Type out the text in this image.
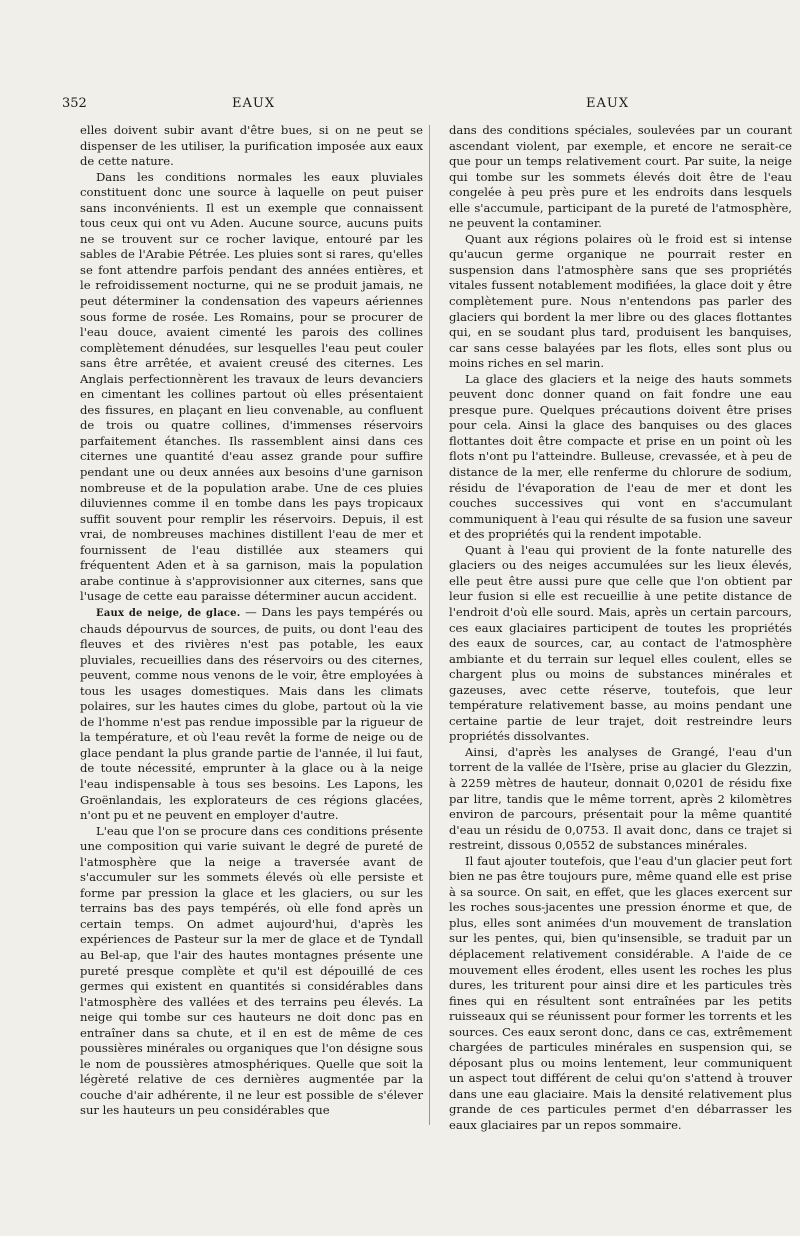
352	EAUX	EAUX

elles doivent subir avant d'être bues, si on ne peut se dispenser de les utiliser, la purification imposée aux eaux de cette nature.

Dans les conditions normales les eaux pluviales constituent donc une source à laquelle on peut puiser sans inconvénients. Il est un exemple que connaissent tous ceux qui ont vu Aden. Aucune source, aucuns puits ne se trouvent sur ce rocher lavique, entouré par les sables de l'Arabie Pétrée. Les pluies sont si rares, qu'elles se font attendre parfois pendant des années entières, et le refroidissement nocturne, qui ne se produit jamais, ne peut déterminer la condensation des vapeurs aériennes sous forme de rosée. Les Romains, pour se procurer de l'eau douce, avaient cimenté les parois des collines complètement dénudées, sur lesquelles l'eau peut couler sans être arrêtée, et avaient creusé des citernes. Les Anglais perfectionnèrent les travaux de leurs devanciers en cimentant les collines partout où elles présentaient des fissures, en plaçant en lieu convenable, au confluent de trois ou quatre collines, d'immenses réservoirs parfaitement étanches. Ils rassemblent ainsi dans ces citernes une quantité d'eau assez grande pour suffire pendant une ou deux années aux besoins d'une garnison nombreuse et de la population arabe. Une de ces pluies diluviennes comme il en tombe dans les pays tropicaux suffit souvent pour remplir les réservoirs. Depuis, il est vrai, de nombreuses machines distillent l'eau de mer et fournissent de l'eau distillée aux steamers qui fréquentent Aden et à sa garnison, mais la population arabe continue à s'approvisionner aux citernes, sans que l'usage de cette eau paraisse déterminer aucun accident.

Eaux de neige, de glace. — Dans les pays tempérés ou chauds dépourvus de sources, de puits, ou dont l'eau des fleuves et des rivières n'est pas potable, les eaux pluviales, recueillies dans des réservoirs ou des citernes, peuvent, comme nous venons de le voir, être employées à tous les usages domestiques. Mais dans les climats polaires, sur les hautes cimes du globe, partout où la vie de l'homme n'est pas rendue impossible par la rigueur de la température, et où l'eau revêt la forme de neige ou de glace pendant la plus grande partie de l'année, il lui faut, de toute nécessité, emprunter à la glace ou à la neige l'eau indispensable à tous ses besoins. Les Lapons, les Groënlandais, les explorateurs de ces régions glacées, n'ont pu et ne peuvent en employer d'autre.

L'eau que l'on se procure dans ces conditions présente une composition qui varie suivant le degré de pureté de l'atmosphère que la neige a traversée avant de s'accumuler sur les sommets élevés où elle persiste et forme par pression la glace et les glaciers, ou sur les terrains bas des pays tempérés, où elle fond après un certain temps. On admet aujourd'hui, d'après les expériences de Pasteur sur la mer de glace et de Tyndall au Bel-ap, que l'air des hautes montagnes présente une pureté presque complète et qu'il est dépouillé de ces germes qui existent en quantités si considérables dans l'atmosphère des vallées et des terrains peu élevés. La neige qui tombe sur ces hauteurs ne doit donc pas en entraîner dans sa chute, et il en est de même de ces poussières minérales ou organiques que l'on désigne sous le nom de poussières atmosphériques. Quelle que soit la légèreté relative de ces dernières augmentée par la couche d'air adhérente, il ne leur est possible de s'élever sur les hauteurs un peu considérables que

dans des conditions spéciales, soulevées par un courant ascendant violent, par exemple, et encore ne serait-ce que pour un temps relativement court. Par suite, la neige qui tombe sur les sommets élevés doit être de l'eau congelée à peu près pure et les endroits dans lesquels elle s'accumule, participant de la pureté de l'atmosphère, ne peuvent la contaminer.

Quant aux régions polaires où le froid est si intense qu'aucun germe organique ne pourrait rester en suspension dans l'atmosphère sans que ses propriétés vitales fussent notablement modifiées, la glace doit y être complètement pure. Nous n'entendons pas parler des glaciers qui bordent la mer libre ou des glaces flottantes qui, en se soudant plus tard, produisent les banquises, car sans cesse balayées par les flots, elles sont plus ou moins riches en sel marin.

La glace des glaciers et la neige des hauts sommets peuvent donc donner quand on fait fondre une eau presque pure. Quelques précautions doivent être prises pour cela. Ainsi la glace des banquises ou des glaces flottantes doit être compacte et prise en un point où les flots n'ont pu l'atteindre. Bulleuse, crevassée, et à peu de distance de la mer, elle renferme du chlorure de sodium, résidu de l'évaporation de l'eau de mer et dont les couches successives qui vont en s'accumulant communiquent à l'eau qui résulte de sa fusion une saveur et des propriétés qui la rendent impotable.

Quant à l'eau qui provient de la fonte naturelle des glaciers ou des neiges accumulées sur les lieux élevés, elle peut être aussi pure que celle que l'on obtient par leur fusion si elle est recueillie à une petite distance de l'endroit d'où elle sourd. Mais, après un certain parcours, ces eaux glaciaires participent de toutes les propriétés des eaux de sources, car, au contact de l'atmosphère ambiante et du terrain sur lequel elles coulent, elles se chargent plus ou moins de substances minérales et gazeuses, avec cette réserve, toutefois, que leur température relativement basse, au moins pendant une certaine partie de leur trajet, doit restreindre leurs propriétés dissolvantes.

Ainsi, d'après les analyses de Grangé, l'eau d'un torrent de la vallée de l'Isère, prise au glacier du Glezzin, à 2259 mètres de hauteur, donnait 0,0201 de résidu fixe par litre, tandis que le même torrent, après 2 kilomètres environ de parcours, présentait pour la même quantité d'eau un résidu de 0,0753. Il avait donc, dans ce trajet si restreint, dissous 0,0552 de substances minérales.

Il faut ajouter toutefois, que l'eau d'un glacier peut fort bien ne pas être toujours pure, même quand elle est prise à sa source. On sait, en effet, que les glaces exercent sur les roches sous-jacentes une pression énorme et que, de plus, elles sont animées d'un mouvement de translation sur les pentes, qui, bien qu'insensible, se traduit par un déplacement relativement considérable. A l'aide de ce mouvement elles érodent, elles usent les roches les plus dures, les triturent pour ainsi dire et les particules très fines qui en résultent sont entraînées par les petits ruisseaux qui se réunissent pour former les torrents et les sources. Ces eaux seront donc, dans ce cas, extrêmement chargées de particules minérales en suspension qui, se déposant plus ou moins lentement, leur communiquent un aspect tout différent de celui qu'on s'attend à trouver dans une eau glaciaire. Mais la densité relativement plus grande de ces particules permet d'en débarrasser les eaux glaciaires par un repos sommaire.
